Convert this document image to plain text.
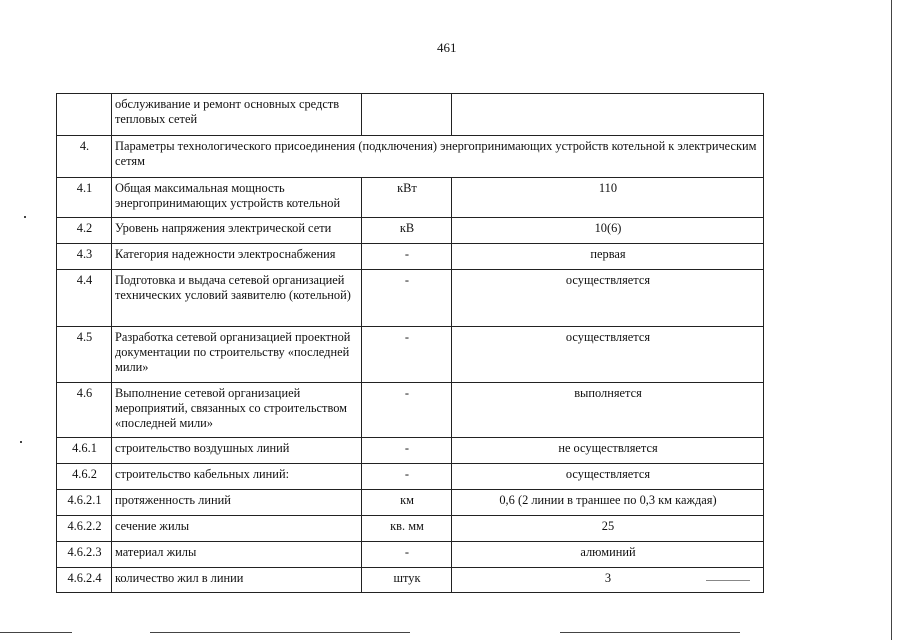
461
	обслуживание и ремонт основных средств тепловых сетей		
4.	Параметры технологического присоединения (подключения) энергопринимающих устройств котельной к электрическим сетям		
4.1	Общая максимальная мощность энергопринимающих устройств котельной	кВт	110
4.2	Уровень напряжения электрической сети	кВ	10(6)
4.3	Категория надежности электроснабжения	-	первая
4.4	Подготовка и выдача сетевой организацией технических условий заявителю (котельной)	-	осуществляется
4.5	Разработка сетевой организацией проектной документации по строительству «последней мили»	-	осуществляется
4.6	Выполнение сетевой организацией мероприятий, связанных со строительством «последней мили»	-	выполняется
4.6.1	строительство воздушных линий	-	не осуществляется
4.6.2	строительство кабельных линий:	-	осуществляется
4.6.2.1	протяженность линий	км	0,6 (2 линии в траншее по 0,3 км каждая)
4.6.2.2	сечение жилы	кв. мм	25
4.6.2.3	материал жилы	-	алюминий
4.6.2.4	количество жил в линии	штук	3
